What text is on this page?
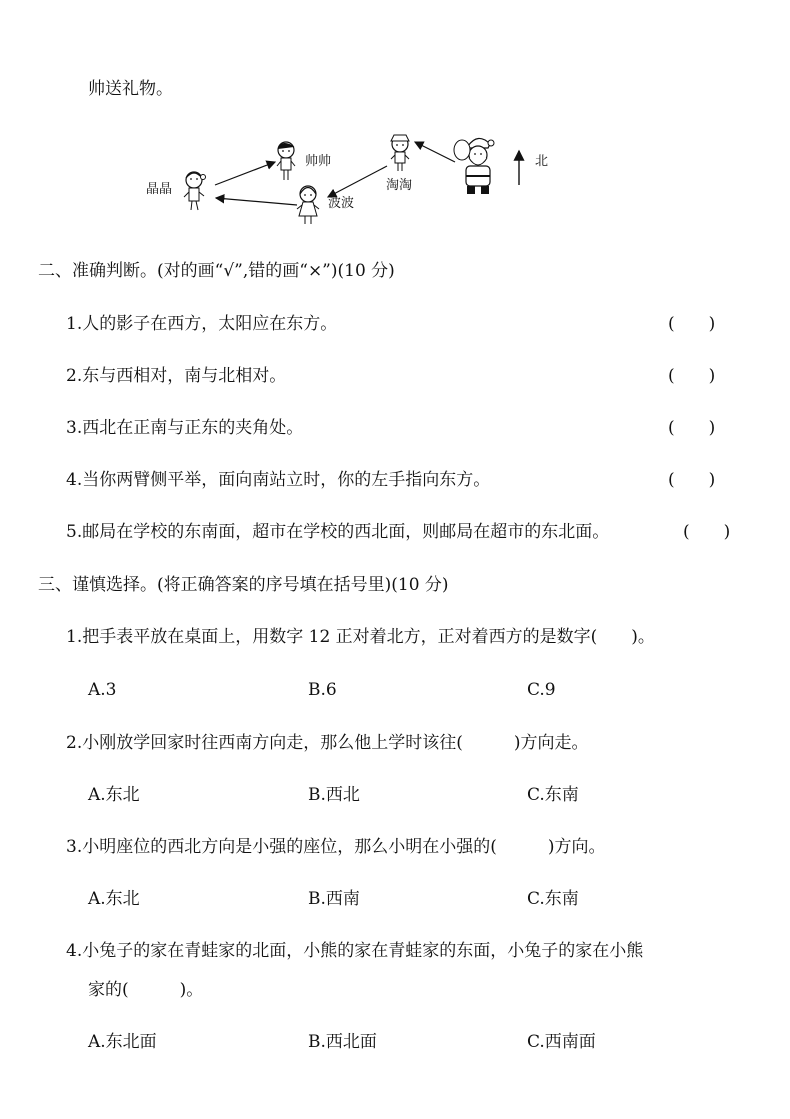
帅送礼物。
晶晶
帅帅
波波
淘淘
北
二、准确判断。(对的画“√”,错的画“×”)(10 分)
1.人的影子在西方，太阳应在东方。	(　　)
2.东与西相对，南与北相对。	(　　)
3.西北在正南与正东的夹角处。	(　　)
4.当你两臂侧平举，面向南站立时，你的左手指向东方。	(　　)
5.邮局在学校的东南面，超市在学校的西北面，则邮局在超市的东北面。	(　　)
三、谨慎选择。(将正确答案的序号填在括号里)(10 分)
1.把手表平放在桌面上，用数字 12 正对着北方，正对着西方的是数字(　　)。
A.3	B.6	C.9
2.小刚放学回家时往西南方向走，那么他上学时该往(　　　)方向走。
A.东北	B.西北	C.东南
3.小明座位的西北方向是小强的座位，那么小明在小强的(　　　)方向。
A.东北	B.西南	C.东南
4.小兔子的家在青蛙家的北面，小熊的家在青蛙家的东面，小兔子的家在小熊
家的(　　　)。
A.东北面	B.西北面	C.西南面
